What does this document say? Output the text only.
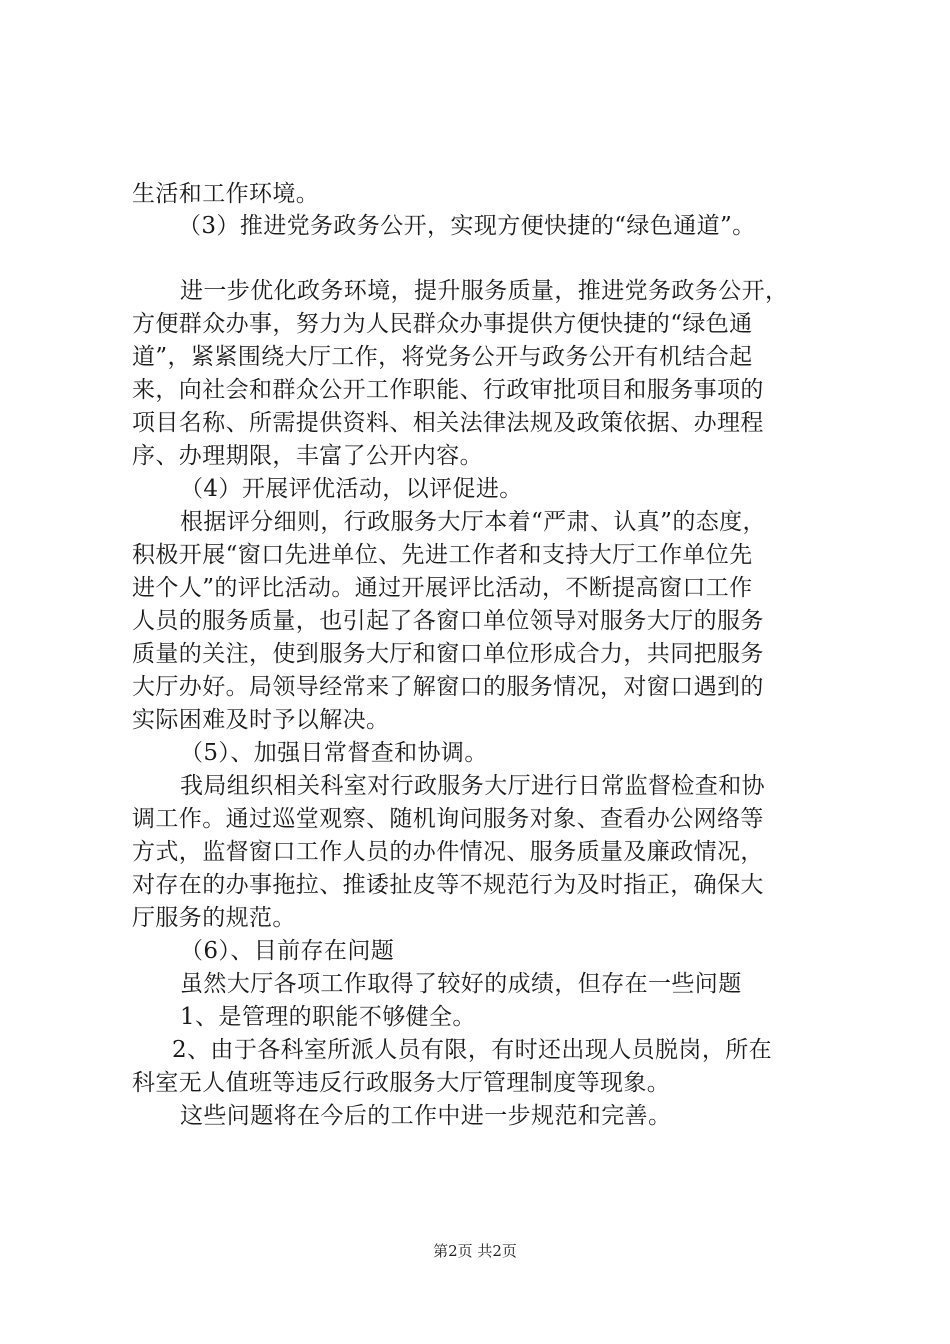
生活和工作环境。
（3）推进党务政务公开，实现方便快捷的“绿色通道”。
进一步优化政务环境，提升服务质量，推进党务政务公开，
方便群众办事，努力为人民群众办事提供方便快捷的“绿色通
道”，紧紧围绕大厅工作，将党务公开与政务公开有机结合起
来，向社会和群众公开工作职能、行政审批项目和服务事项的
项目名称、所需提供资料、相关法律法规及政策依据、办理程
序、办理期限，丰富了公开内容。
（4）开展评优活动，以评促进。
根据评分细则，行政服务大厅本着“严肃、认真”的态度，
积极开展“窗口先进单位、先进工作者和支持大厅工作单位先
进个人”的评比活动。通过开展评比活动，不断提高窗口工作
人员的服务质量，也引起了各窗口单位领导对服务大厅的服务
质量的关注，使到服务大厅和窗口单位形成合力，共同把服务
大厅办好。局领导经常来了解窗口的服务情况，对窗口遇到的
实际困难及时予以解决。
（5）、加强日常督查和协调。
我局组织相关科室对行政服务大厅进行日常监督检查和协
调工作。通过巡堂观察、随机询问服务对象、查看办公网络等
方式，监督窗口工作人员的办件情况、服务质量及廉政情况，
对存在的办事拖拉、推诿扯皮等不规范行为及时指正，确保大
厅服务的规范。
（6）、目前存在问题
虽然大厅各项工作取得了较好的成绩，但存在一些问题
1、是管理的职能不够健全。
2、由于各科室所派人员有限，有时还出现人员脱岗，所在
科室无人值班等违反行政服务大厅管理制度等现象。
这些问题将在今后的工作中进一步规范和完善。
第2页 共2页
